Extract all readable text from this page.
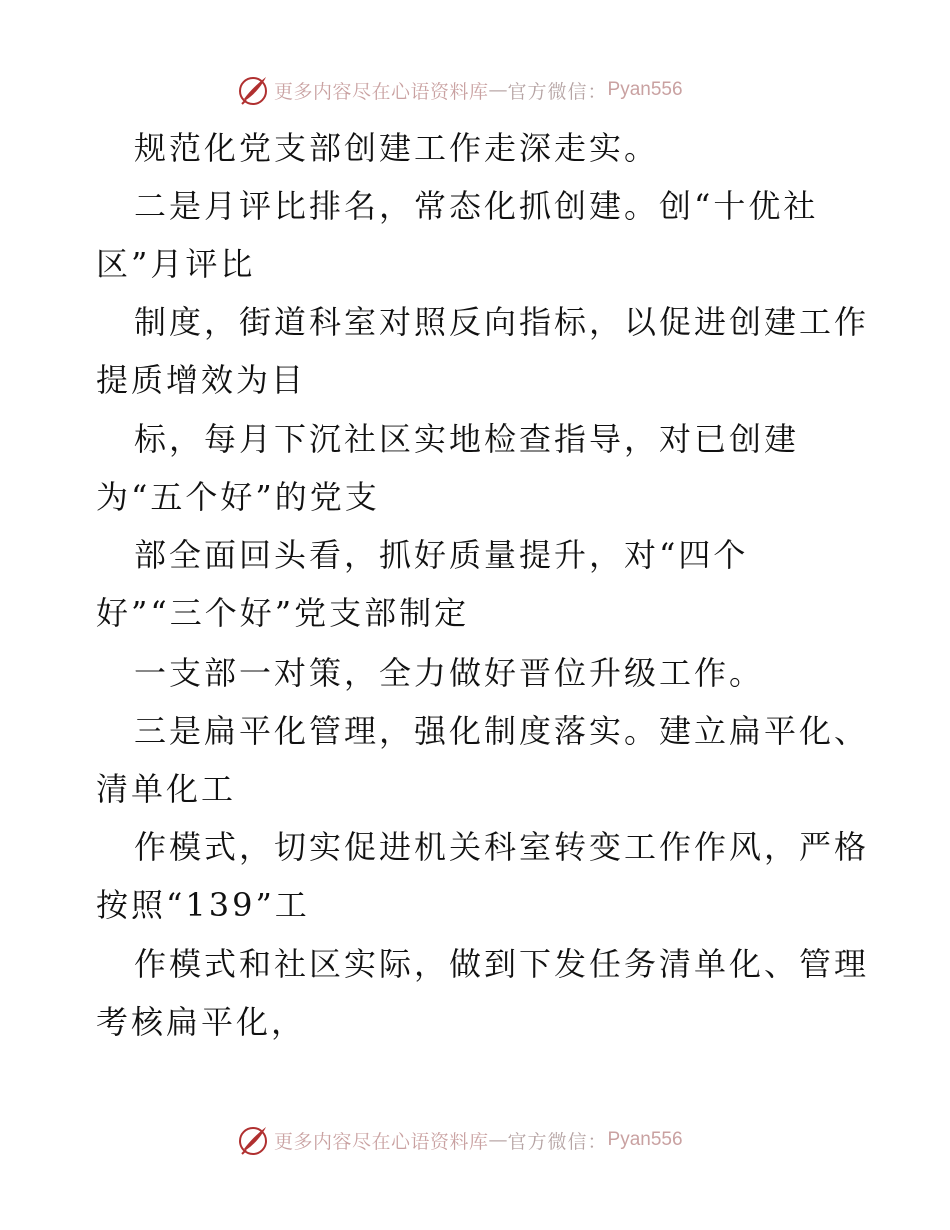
更多内容尽在心语资料库 — 官方微信： Pyan556
规范化党支部创建工作走深走实。
二是月评比排名，常态化抓创建。创“十优社
区”月评比
制度，街道科室对照反向指标，以促进创建工作
提质增效为目
标，每月下沉社区实地检查指导，对已创建
为“五个好”的党支
部全面回头看，抓好质量提升，对“四个
好”“三个好”党支部制定
一支部一对策，全力做好晋位升级工作。
三是扁平化管理，强化制度落实。建立扁平化、
清单化工
作模式，切实促进机关科室转变工作作风，严格
按照“139”工
作模式和社区实际，做到下发任务清单化、管理
考核扁平化，
更多内容尽在心语资料库 — 官方微信： Pyan556
